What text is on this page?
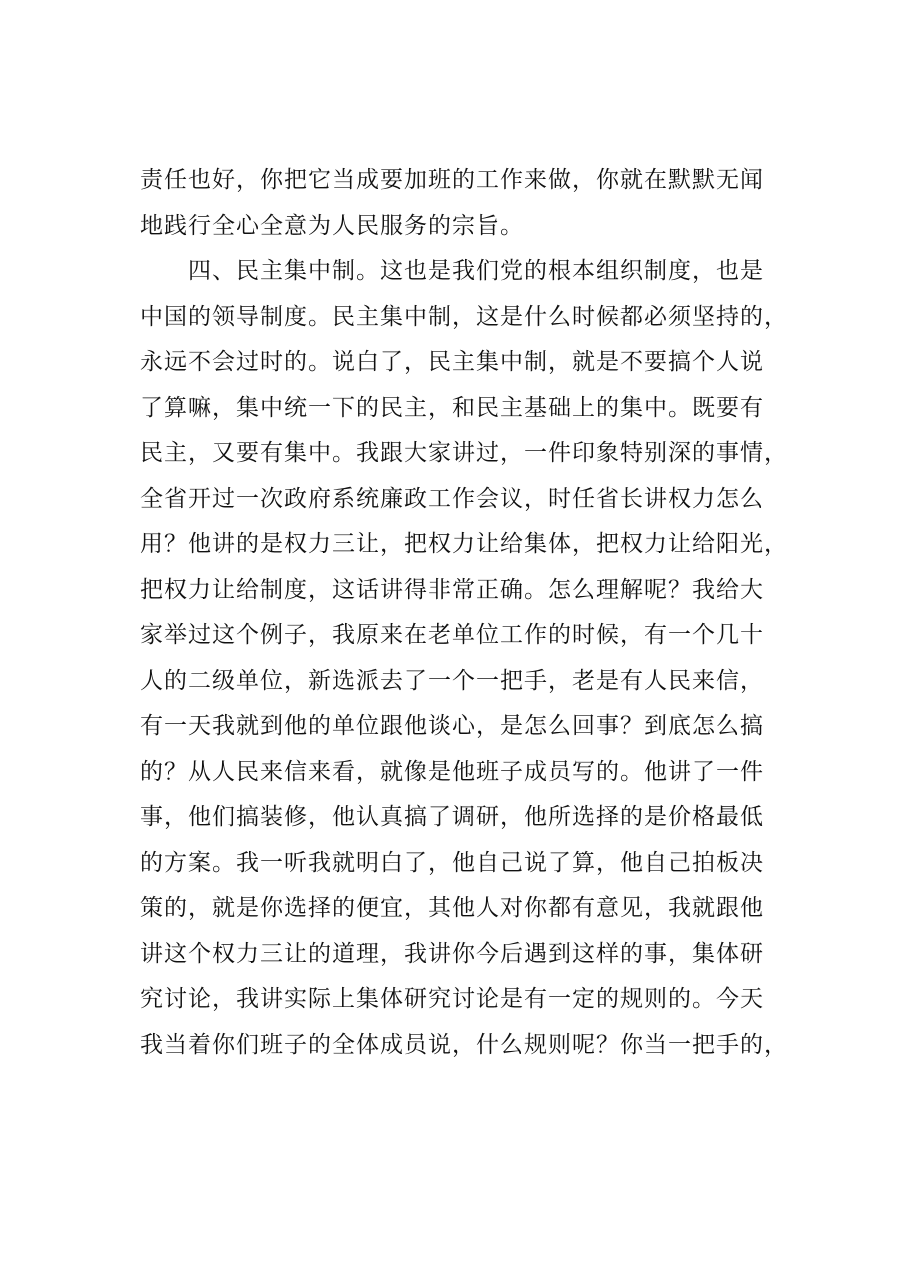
责任也好，你把它当成要加班的工作来做，你就在默默无闻
地践行全心全意为人民服务的宗旨。
　　四、民主集中制。这也是我们党的根本组织制度，也是
中国的领导制度。民主集中制，这是什么时候都必须坚持的，
永远不会过时的。说白了，民主集中制，就是不要搞个人说
了算嘛，集中统一下的民主，和民主基础上的集中。既要有
民主，又要有集中。我跟大家讲过，一件印象特别深的事情，
全省开过一次政府系统廉政工作会议，时任省长讲权力怎么
用？他讲的是权力三让，把权力让给集体，把权力让给阳光，
把权力让给制度，这话讲得非常正确。怎么理解呢？我给大
家举过这个例子，我原来在老单位工作的时候，有一个几十
人的二级单位，新选派去了一个一把手，老是有人民来信，
有一天我就到他的单位跟他谈心，是怎么回事？到底怎么搞
的？从人民来信来看，就像是他班子成员写的。他讲了一件
事，他们搞装修，他认真搞了调研，他所选择的是价格最低
的方案。我一听我就明白了，他自己说了算，他自己拍板决
策的，就是你选择的便宜，其他人对你都有意见，我就跟他
讲这个权力三让的道理，我讲你今后遇到这样的事，集体研
究讨论，我讲实际上集体研究讨论是有一定的规则的。今天
我当着你们班子的全体成员说，什么规则呢？你当一把手的，
